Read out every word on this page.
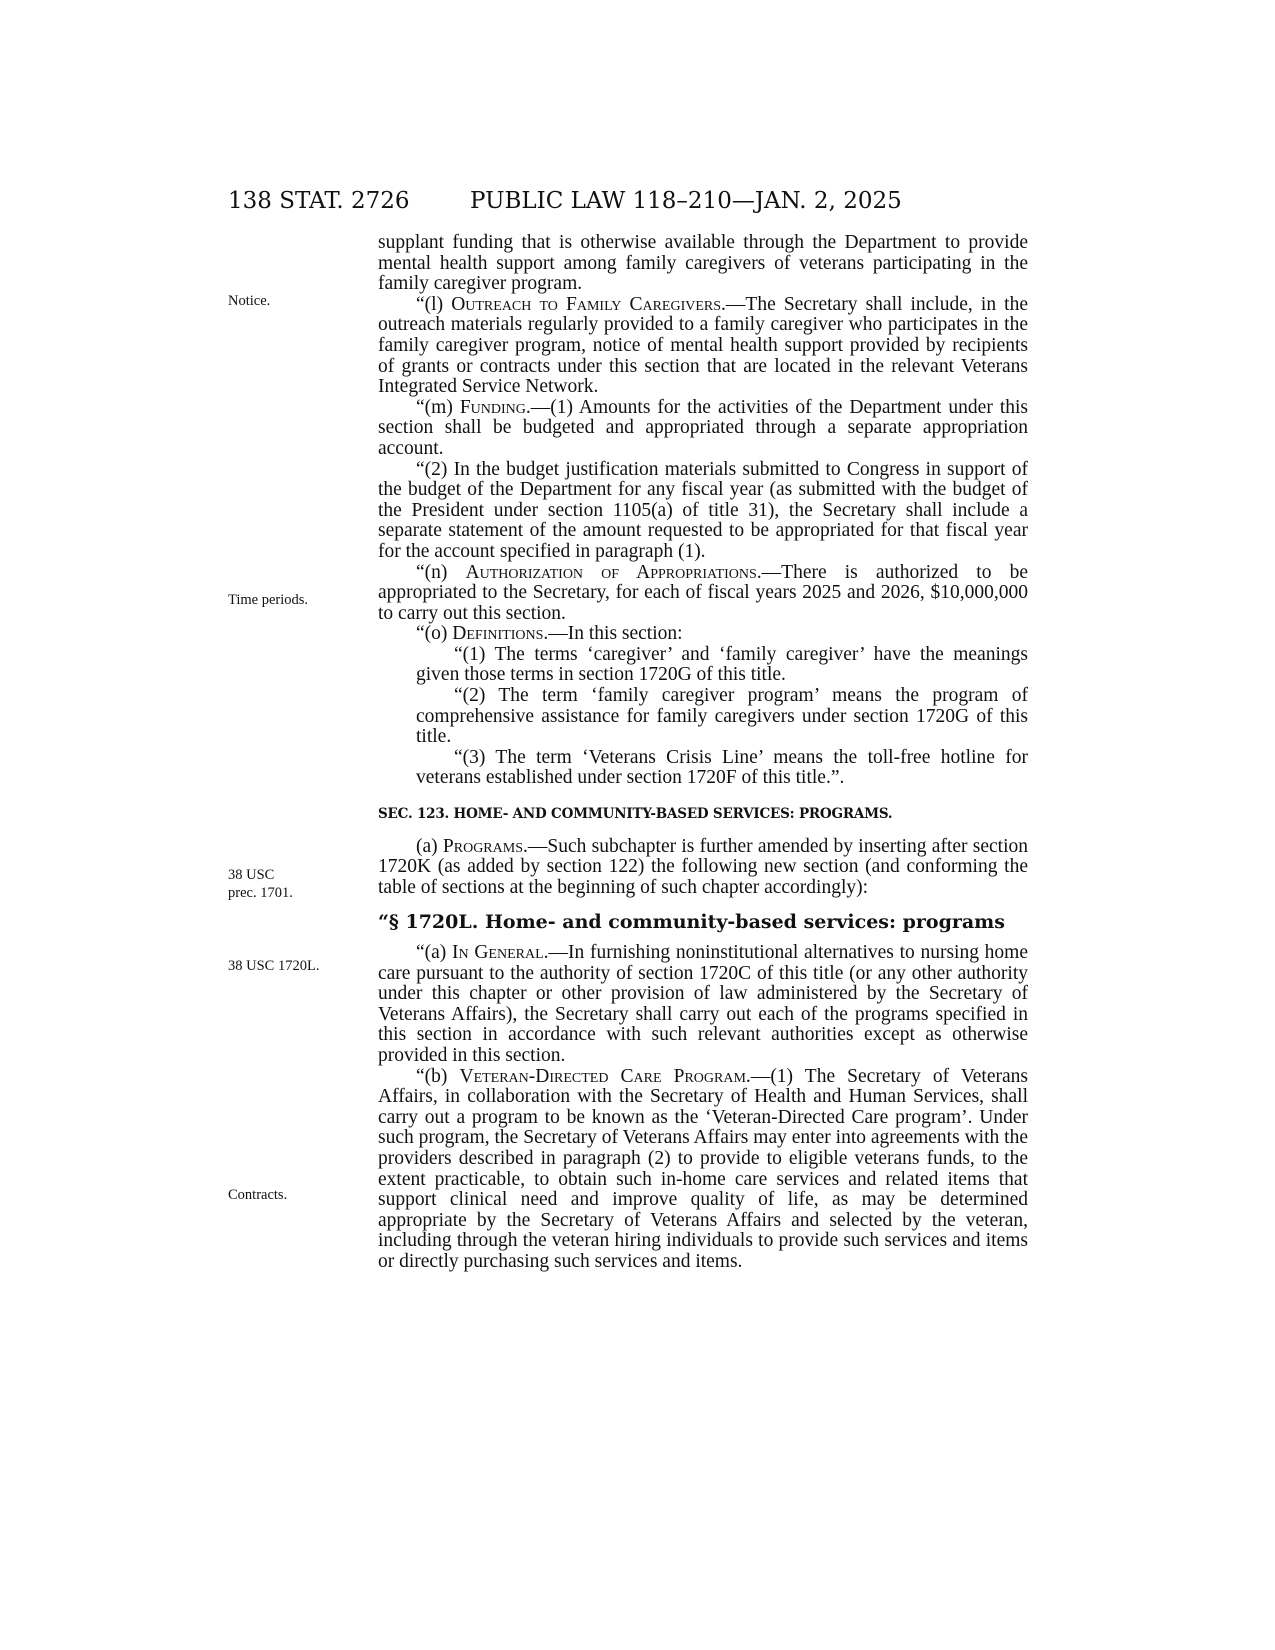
138 STAT. 2726	PUBLIC LAW 118–210—JAN. 2, 2025
Notice.
Time periods.
38 USC
prec. 1701.
38 USC 1720L.
Contracts.

supplant funding that is otherwise available through the Department to provide mental health support among family caregivers of veterans participating in the family caregiver program.

“(l) Outreach to Family Caregivers.—The Secretary shall include, in the outreach materials regularly provided to a family caregiver who participates in the family caregiver program, notice of mental health support provided by recipients of grants or contracts under this section that are located in the relevant Veterans Integrated Service Network.

“(m) Funding.—(1) Amounts for the activities of the Department under this section shall be budgeted and appropriated through a separate appropriation account.

“(2) In the budget justification materials submitted to Congress in support of the budget of the Department for any fiscal year (as submitted with the budget of the President under section 1105(a) of title 31), the Secretary shall include a separate statement of the amount requested to be appropriated for that fiscal year for the account specified in paragraph (1).

“(n) Authorization of Appropriations.—There is authorized to be appropriated to the Secretary, for each of fiscal years 2025 and 2026, $10,000,000 to carry out this section.

“(o) Definitions.—In this section:

“(1) The terms ‘caregiver’ and ‘family caregiver’ have the meanings given those terms in section 1720G of this title.

“(2) The term ‘family caregiver program’ means the program of comprehensive assistance for family caregivers under section 1720G of this title.

“(3) The term ‘Veterans Crisis Line’ means the toll-free hotline for veterans established under section 1720F of this title.”.

SEC. 123. HOME- AND COMMUNITY-BASED SERVICES: PROGRAMS.

(a) Programs.—Such subchapter is further amended by inserting after section 1720K (as added by section 122) the following new section (and conforming the table of sections at the beginning of such chapter accordingly):

“§ 1720L. Home- and community-based services: programs

“(a) In General.—In furnishing noninstitutional alternatives to nursing home care pursuant to the authority of section 1720C of this title (or any other authority under this chapter or other provision of law administered by the Secretary of Veterans Affairs), the Secretary shall carry out each of the programs specified in this section in accordance with such relevant authorities except as otherwise provided in this section.

“(b) Veteran-Directed Care Program.—(1) The Secretary of Veterans Affairs, in collaboration with the Secretary of Health and Human Services, shall carry out a program to be known as the ‘Veteran-Directed Care program’. Under such program, the Secretary of Veterans Affairs may enter into agreements with the providers described in paragraph (2) to provide to eligible veterans funds, to the extent practicable, to obtain such in-home care services and related items that support clinical need and improve quality of life, as may be determined appropriate by the Secretary of Veterans Affairs and selected by the veteran, including through the veteran hiring individuals to provide such services and items or directly purchasing such services and items.
